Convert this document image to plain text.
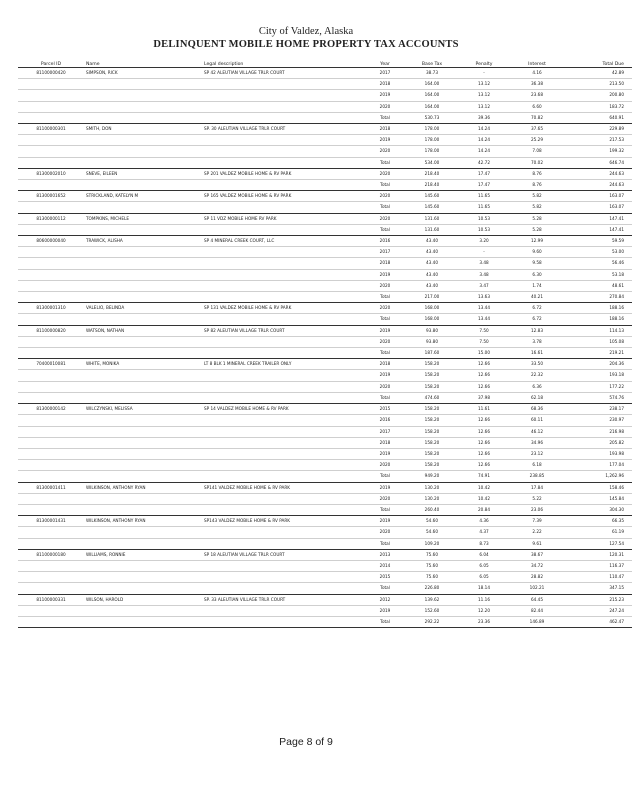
City of Valdez, Alaska
DELINQUENT MOBILE HOME PROPERTY TAX ACCOUNTS
Parcel ID	Name	Legal description	Year	Base Tax	Penalty	Interest	Total Due
81100000420	SIMPSON, RICK	SP 42 ALEUTIAN VILLAGE TRLR COURT	2017	38.73	-	4.16	42.89
			2018	164.00	13.12	36.38	213.50
			2019	164.00	13.12	23.68	200.80
			2020	164.00	13.12	6.60	183.72
			Total	530.73	39.36	70.82	640.91
81100000301	SMITH, DON	SP. 30 ALEUTIAN VILLAGE TRLR COURT	2018	178.00	14.24	37.65	229.89
			2019	178.00	14.24	25.29	217.53
			2020	178.00	14.24	7.08	199.32
			Total	534.00	42.72	70.02	646.74
81300002010	SNEVE, EILEEN	SP 201 VALDEZ MOBILE HOME & RV PARK	2020	218.40	17.47	8.76	244.63
			Total	218.40	17.47	8.76	244.63
81300001652	STRICKLAND, KATELYN M	SP 165 VALDEZ MOBILE HOME & RV PARK	2020	145.60	11.65	5.82	163.07
			Total	145.60	11.65	5.82	163.07
81300000112	TOMPKINS, MICHELE	SP 11 VDZ MOBILE HOME RV PARK	2020	131.60	10.53	5.28	147.41
			Total	131.60	10.53	5.28	147.41
80600000040	TRAWICK, ALISHA	SP 4 MINERAL CREEK COURT, LLC	2016	43.40	3.20	12.99	59.59
			2017	43.40	-	9.60	53.00
			2018	43.40	3.48	9.58	56.46
			2019	43.40	3.48	6.30	53.18
			2020	43.40	3.47	1.74	48.61
			Total	217.00	13.63	40.21	270.84
81300001310	VALELIO, BELINDA	SP 131 VALDEZ MOBILE HOME & RV PARK	2020	168.00	13.44	6.72	188.16
			Total	168.00	13.44	6.72	188.16
81100000820	WATSON, NATHAN	SP 82 ALEUTIAN VILLAGE TRLR COURT	2019	93.80	7.50	12.83	114.13
			2020	93.80	7.50	3.78	105.08
			Total	187.60	15.00	16.61	219.21
70400010081	WHITE, MONIKA	LT 8 BLK 1 MINERAL CREEK TRAILER ONLY	2018	158.20	12.66	33.50	204.36
			2019	158.20	12.66	22.32	193.18
			2020	158.20	12.66	6.36	177.22
			Total	474.60	37.98	62.18	574.76
81300000142	WILCZYNSKI, MELISSA	SP 14 VALDEZ MOBILE HOME & RV PARK	2015	158.20	11.61	68.36	238.17
			2016	158.20	12.66	60.11	230.97
			2017	158.20	12.66	46.12	216.98
			2018	158.20	12.66	34.96	205.82
			2019	158.20	12.66	23.12	193.98
			2020	158.20	12.66	6.18	177.04
			Total	949.20	74.91	238.85	1,262.96
81300001411	WILKINSON, ANTHONY RYAN	SP141 VALDEZ MOBILE HOME & RV PARK	2019	130.20	10.42	17.84	158.46
			2020	130.20	10.42	5.22	145.84
			Total	260.40	20.84	23.06	304.30
81300001431	WILKINSON, ANTHONY RYAN	SP143 VALDEZ MOBILE HOME & RV PARK	2019	54.60	4.36	7.39	66.35
			2020	54.60	4.37	2.22	61.19
			Total	109.20	8.73	9.61	127.54
81100000180	WILLIAMS, RONNIE	SP 18 ALEUTIAN VILLAGE TRLR COURT	2013	75.60	6.04	38.67	120.31
			2014	75.60	6.05	34.72	116.37
			2015	75.60	6.05	28.82	110.47
			Total	226.80	18.14	102.21	347.15
81100000331	WILSON, HAROLD	SP. 33 ALEUTIAN VILLAGE TRLR COURT	2012	139.62	11.16	64.45	215.23
			2019	152.60	12.20	82.44	247.24
			Total	292.22	23.36	146.89	462.47
Page 8 of 9
